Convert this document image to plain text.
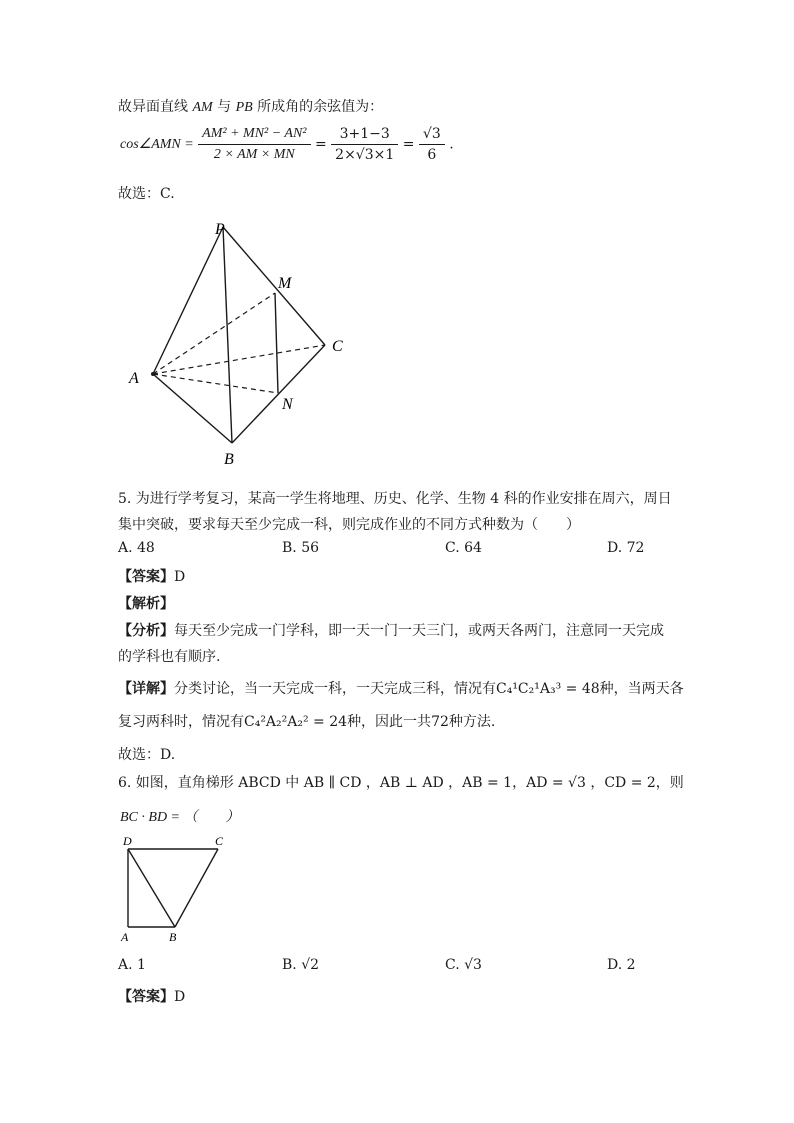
故异面直线 AM 与 PB 所成角的余弦值为：
cos∠AMN = $\frac{\text{AM² + MN² − AN²}}{2 \times AM \times MN} = \frac{3+1-3}{2\times√3\times 1} = \frac{√3}{6}$ .
故选：C.
P
M
C
A
N
B
5. 为进行学考复习，某高一学生将地理、历史、化学、生物 4 科的作业安排在周六，周日
集中突破，要求每天至少完成一科，则完成作业的不同方式种数为（　　）
A. 48	B. 56	C. 64	D. 72
【答案】D
【解析】
【分析】每天至少完成一门学科，即一天一门一天三门，或两天各两门，注意同一天完成
的学科也有顺序.
【详解】分类讨论，当一天完成一科，一天完成三科，情况有C₄¹C₂¹A₃³ = 48种，当两天各
复习两科时，情况有C₄²A₂²A₂² = 24种，因此一共72种方法.
故选：D.
6. 如图，直角梯形 ABCD 中 AB ∥ CD ，AB ⊥ AD ，AB = 1，AD = √3 ，CD = 2，则
BC · BD = （　　）
D	C
A	B
A. 1	B. √2	C. √3	D. 2
【答案】D
